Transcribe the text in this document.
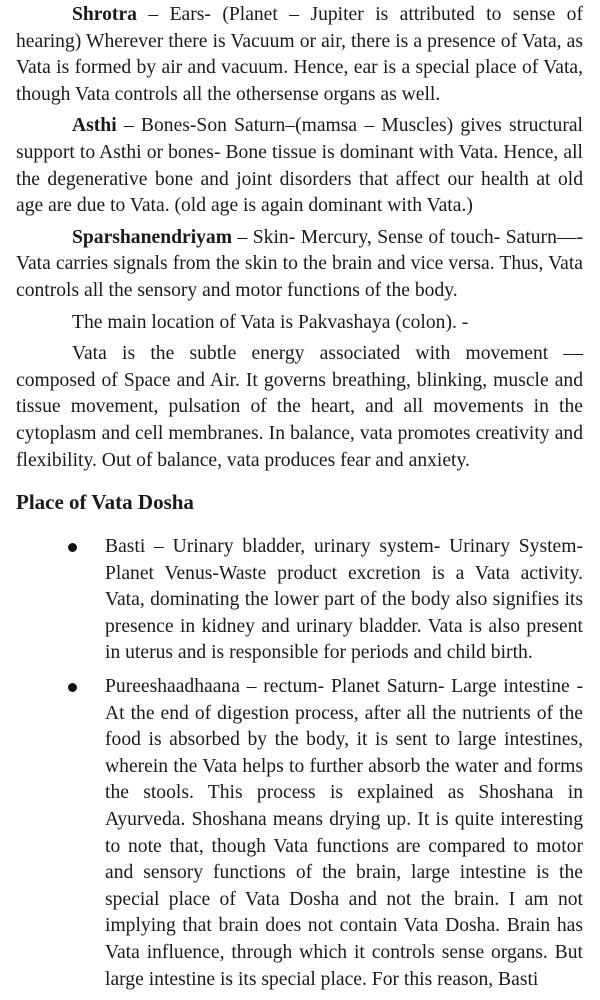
Shrotra – Ears- (Planet – Jupiter is attributed to sense of hearing) Wherever there is Vacuum or air, there is a presence of Vata, as Vata is formed by air and vacuum. Hence, ear is a special place of Vata, though Vata controls all the othersense organs as well.

Asthi – Bones-Son Saturn–(mamsa – Muscles) gives structural support to Asthi or bones- Bone tissue is dominant with Vata. Hence, all the degenerative bone and joint disorders that affect our health at old age are due to Vata. (old age is again dominant with Vata.)

Sparshanendriyam – Skin- Mercury, Sense of touch- Saturn—- Vata carries signals from the skin to the brain and vice versa. Thus, Vata controls all the sensory and motor functions of the body.

The main location of Vata is Pakvashaya (colon). -

Vata is the subtle energy associated with movement — composed of Space and Air. It governs breathing, blinking, muscle and tissue movement, pulsation of the heart, and all movements in the cytoplasm and cell membranes. In balance, vata promotes creativity and flexibility. Out of balance, vata produces fear and anxiety.

Place of Vata Dosha
Basti – Urinary bladder, urinary system- Urinary System- Planet Venus-Waste product excretion is a Vata activity. Vata, dominating the lower part of the body also signifies its presence in kidney and urinary bladder. Vata is also present in uterus and is responsible for periods and child birth.
Pureeshaadhaana – rectum- Planet Saturn- Large intestine -At the end of digestion process, after all the nutrients of the food is absorbed by the body, it is sent to large intestines, wherein the Vata helps to further absorb the water and forms the stools. This process is explained as Shoshana in Ayurveda. Shoshana means drying up. It is quite interesting to note that, though Vata functions are compared to motor and sensory functions of the brain, large intestine is the special place of Vata Dosha and not the brain. I am not implying that brain does not contain Vata Dosha. Brain has Vata influence, through which it controls sense organs. But large intestine is its special place. For this reason, Basti
